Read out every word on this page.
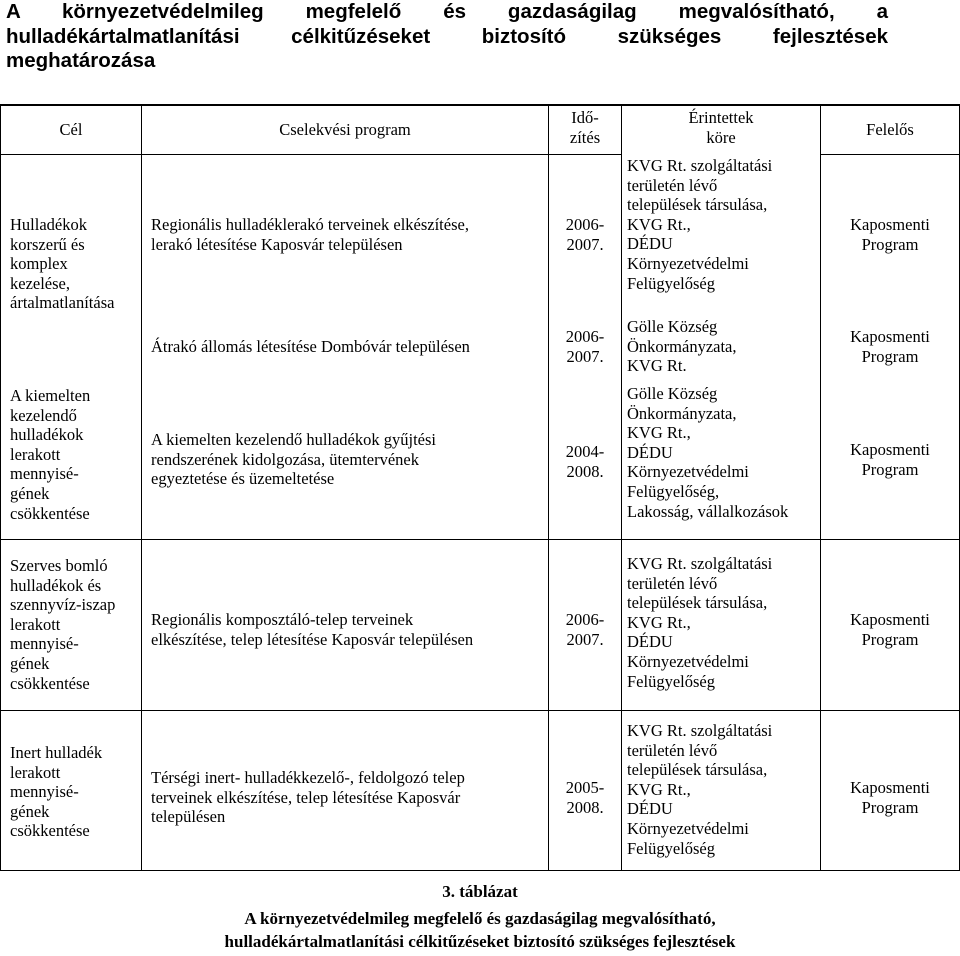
A környezetvédelmileg megfelelő és gazdaságilag megvalósítható, a
hulladékártalmatlanítási célkitűzéseket biztosító szükséges fejlesztések
meghatározása
Cél	Cselekvési program
Idő-
zítés
Érintettek
köre	Felelős
Hulladékok
korszerű és
komplex
kezelése,
ártalmatlanítása
A kiemelten
kezelendő
hulladékok
lerakott
mennyisé-
gének
csökkentése
Szerves bomló
hulladékok és
szennyvíz-iszap
lerakott
mennyisé-
gének
csökkentése
Inert hulladék
lerakott
mennyisé-
gének
csökkentése
Regionális hulladéklerakó terveinek elkészítése,
lerakó létesítése Kaposvár településen
Átrakó állomás létesítése Dombóvár településen
A kiemelten kezelendő hulladékok gyűjtési
rendszerének kidolgozása, ütemtervének
egyeztetése és üzemeltetése
Regionális komposztáló-telep terveinek
elkészítése, telep létesítése Kaposvár településen
Térségi inert- hulladékkezelő-, feldolgozó telep
terveinek elkészítése, telep létesítése Kaposvár
településen
2006-
2007.
2006-
2007.
2004-
2008.
2006-
2007.
2005-
2008.
KVG Rt. szolgáltatási
területén lévő
települések társulása,
KVG Rt.,
DÉDU
Környezetvédelmi
Felügyelőség
Gölle Község
Önkormányzata,
KVG Rt.
Gölle Község
Önkormányzata,
KVG Rt.,
DÉDU
Környezetvédelmi
Felügyelőség,
Lakosság, vállalkozások
KVG Rt. szolgáltatási
területén lévő
települések társulása,
KVG Rt.,
DÉDU
Környezetvédelmi
Felügyelőség
KVG Rt. szolgáltatási
területén lévő
települések társulása,
KVG Rt.,
DÉDU
Környezetvédelmi
Felügyelőség
Kaposmenti
Program
Kaposmenti
Program
Kaposmenti
Program
Kaposmenti
Program
Kaposmenti
Program
3. táblázat
A környezetvédelmileg megfelelő és gazdaságilag megvalósítható,
hulladékártalmatlanítási célkitűzéseket biztosító szükséges fejlesztések
